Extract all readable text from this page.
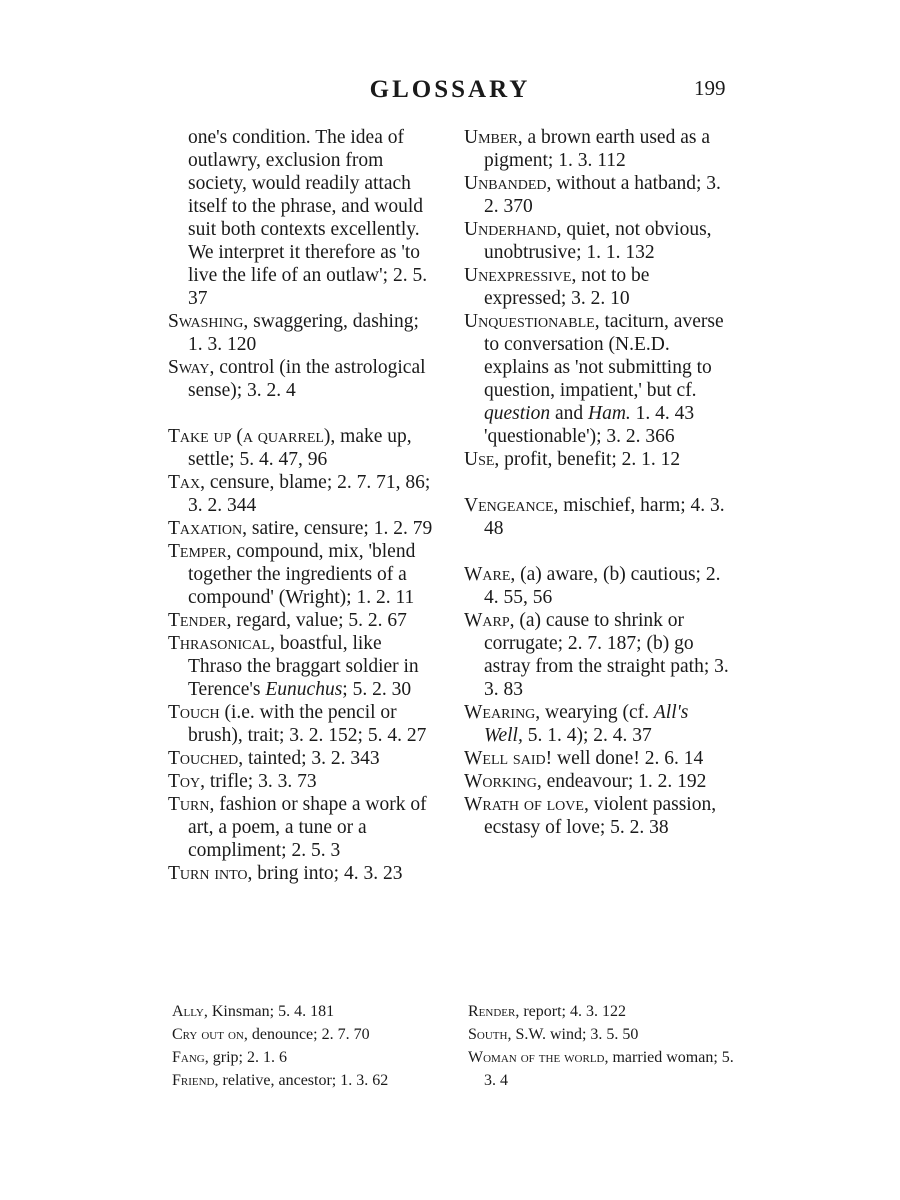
GLOSSARY	199

one's condition. The idea of outlawry, exclusion from society, would readily attach itself to the phrase, and would suit both contexts excellently. We interpret it therefore as 'to live the life of an outlaw'; 2. 5. 37

Swashing, swaggering, dashing; 1. 3. 120

Sway, control (in the astrological sense); 3. 2. 4

Take up (a quarrel), make up, settle; 5. 4. 47, 96

Tax, censure, blame; 2. 7. 71, 86; 3. 2. 344

Taxation, satire, censure; 1. 2. 79

Temper, compound, mix, 'blend together the ingredients of a compound' (Wright); 1. 2. 11

Tender, regard, value; 5. 2. 67

Thrasonical, boastful, like Thraso the braggart soldier in Terence's Eunuchus; 5. 2. 30

Touch (i.e. with the pencil or brush), trait; 3. 2. 152; 5. 4. 27

Touched, tainted; 3. 2. 343

Toy, trifle; 3. 3. 73

Turn, fashion or shape a work of art, a poem, a tune or a compliment; 2. 5. 3

Turn into, bring into; 4. 3. 23

Umber, a brown earth used as a pigment; 1. 3. 112

Unbanded, without a hatband; 3. 2. 370

Underhand, quiet, not obvious, unobtrusive; 1. 1. 132

Unexpressive, not to be expressed; 3. 2. 10

Unquestionable, taciturn, averse to conversation (N.E.D. explains as 'not submitting to question, impatient,' but cf. question and Ham. 1. 4. 43 'questionable'); 3. 2. 366

Use, profit, benefit; 2. 1. 12

Vengeance, mischief, harm; 4. 3. 48

Ware, (a) aware, (b) cautious; 2. 4. 55, 56

Warp, (a) cause to shrink or corrugate; 2. 7. 187; (b) go astray from the straight path; 3. 3. 83

Wearing, wearying (cf. All's Well, 5. 1. 4); 2. 4. 37

Well said! well done! 2. 6. 14

Working, endeavour; 1. 2. 192

Wrath of love, violent passion, ecstasy of love; 5. 2. 38

Ally, Kinsman; 5. 4. 181

Cry out on, denounce; 2. 7. 70

Fang, grip; 2. 1. 6

Friend, relative, ancestor; 1. 3. 62

Render, report; 4. 3. 122

South, S.W. wind; 3. 5. 50

Woman of the world, married woman; 5. 3. 4
